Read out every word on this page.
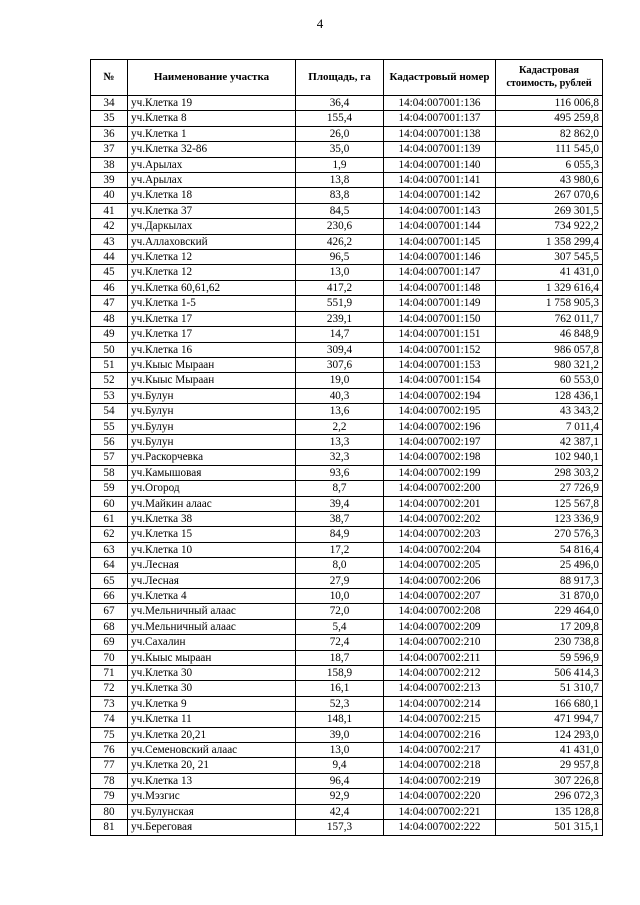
4
№	Наименование участка	Площадь, га	Кадастровый номер	Кадастровая стоимость, рублей
34	уч.Клетка 19	36,4	14:04:007001:136	116 006,8
35	уч.Клетка 8	155,4	14:04:007001:137	495 259,8
36	уч.Клетка 1	26,0	14:04:007001:138	82 862,0
37	уч.Клетка 32-86	35,0	14:04:007001:139	111 545,0
38	уч.Арылах	1,9	14:04:007001:140	6 055,3
39	уч.Арылах	13,8	14:04:007001:141	43 980,6
40	уч.Клетка 18	83,8	14:04:007001:142	267 070,6
41	уч.Клетка 37	84,5	14:04:007001:143	269 301,5
42	уч.Даркылах	230,6	14:04:007001:144	734 922,2
43	уч.Аллаховский	426,2	14:04:007001:145	1 358 299,4
44	уч.Клетка 12	96,5	14:04:007001:146	307 545,5
45	уч.Клетка 12	13,0	14:04:007001:147	41 431,0
46	уч.Клетка 60,61,62	417,2	14:04:007001:148	1 329 616,4
47	уч.Клетка 1-5	551,9	14:04:007001:149	1 758 905,3
48	уч.Клетка 17	239,1	14:04:007001:150	762 011,7
49	уч.Клетка 17	14,7	14:04:007001:151	46 848,9
50	уч.Клетка 16	309,4	14:04:007001:152	986 057,8
51	уч.Кыыс Мыраан	307,6	14:04:007001:153	980 321,2
52	уч.Кыыс Мыраан	19,0	14:04:007001:154	60 553,0
53	уч.Булун	40,3	14:04:007002:194	128 436,1
54	уч.Булун	13,6	14:04:007002:195	43 343,2
55	уч.Булун	2,2	14:04:007002:196	7 011,4
56	уч.Булун	13,3	14:04:007002:197	42 387,1
57	уч.Раскорчевка	32,3	14:04:007002:198	102 940,1
58	уч.Камышовая	93,6	14:04:007002:199	298 303,2
59	уч.Огород	8,7	14:04:007002:200	27 726,9
60	уч.Майкин алаас	39,4	14:04:007002:201	125 567,8
61	уч.Клетка 38	38,7	14:04:007002:202	123 336,9
62	уч.Клетка 15	84,9	14:04:007002:203	270 576,3
63	уч.Клетка 10	17,2	14:04:007002:204	54 816,4
64	уч.Лесная	8,0	14:04:007002:205	25 496,0
65	уч.Лесная	27,9	14:04:007002:206	88 917,3
66	уч.Клетка 4	10,0	14:04:007002:207	31 870,0
67	уч.Мельничный алаас	72,0	14:04:007002:208	229 464,0
68	уч.Мельничный алаас	5,4	14:04:007002:209	17 209,8
69	уч.Сахалин	72,4	14:04:007002:210	230 738,8
70	уч.Кыыс мыраан	18,7	14:04:007002:211	59 596,9
71	уч.Клетка 30	158,9	14:04:007002:212	506 414,3
72	уч.Клетка 30	16,1	14:04:007002:213	51 310,7
73	уч.Клетка 9	52,3	14:04:007002:214	166 680,1
74	уч.Клетка 11	148,1	14:04:007002:215	471 994,7
75	уч.Клетка 20,21	39,0	14:04:007002:216	124 293,0
76	уч.Семеновский алаас	13,0	14:04:007002:217	41 431,0
77	уч.Клетка 20, 21	9,4	14:04:007002:218	29 957,8
78	уч.Клетка 13	96,4	14:04:007002:219	307 226,8
79	уч.Мэзгис	92,9	14:04:007002:220	296 072,3
80	уч.Булунская	42,4	14:04:007002:221	135 128,8
81	уч.Береговая	157,3	14:04:007002:222	501 315,1
